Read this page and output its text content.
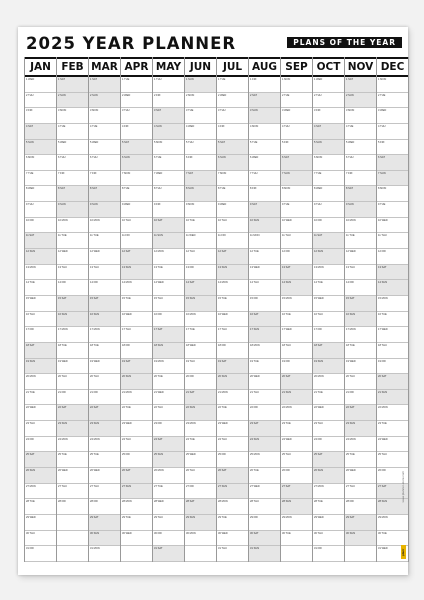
2025 YEAR PLANNER	PLANS OF THE YEAR
JAN
1 WED
2 THU
3 FRI
4 SAT
5 SUN
6 MON
7 TUE
8 WED
9 THU
10 FRI
11 SAT
12 SUN
13 MON
14 TUE
15 WED
16 THU
17 FRI
18 SAT
19 SUN
20 MON
21 TUE
22 WED
23 THU
24 FRI
25 SAT
26 SUN
27 MON
28 TUE
29 WED
30 THU
31 FRI
FEB
1 SAT
2 SUN
3 MON
4 TUE
5 WED
6 THU
7 FRI
8 SAT
9 SUN
10 MON
11 TUE
12 WED
13 THU
14 FRI
15 SAT
16 SUN
17 MON
18 TUE
19 WED
20 THU
21 FRI
22 SAT
23 SUN
24 MON
25 TUE
26 WED
27 THU
28 FRI
MAR
1 SAT
2 SUN
3 MON
4 TUE
5 WED
6 THU
7 FRI
8 SAT
9 SUN
10 MON
11 TUE
12 WED
13 THU
14 FRI
15 SAT
16 SUN
17 MON
18 TUE
19 WED
20 THU
21 FRI
22 SAT
23 SUN
24 MON
25 TUE
26 WED
27 THU
28 FRI
29 SAT
30 SUN
31 MON
APR
1 TUE
2 WED
3 THU
4 FRI
5 SAT
6 SUN
7 MON
8 TUE
9 WED
10 THU
11 FRI
12 SAT
13 SUN
14 MON
15 TUE
16 WED
17 THU
18 FRI
19 SAT
20 SUN
21 MON
22 TUE
23 WED
24 THU
25 FRI
26 SAT
27 SUN
28 MON
29 TUE
30 WED
MAY
1 THU
2 FRI
3 SAT
4 SUN
5 MON
6 TUE
7 WED
8 THU
9 FRI
10 SAT
11 SUN
12 MON
13 TUE
14 WED
15 THU
16 FRI
17 SAT
18 SUN
19 MON
20 TUE
21 WED
22 THU
23 FRI
24 SAT
25 SUN
26 MON
27 TUE
28 WED
29 THU
30 FRI
31 SAT
JUN
1 SUN
2 MON
3 TUE
4 WED
5 THU
6 FRI
7 SAT
8 SUN
9 MON
10 TUE
11 WED
12 THU
13 FRI
14 SAT
15 SUN
16 MON
17 TUE
18 WED
19 THU
20 FRI
21 SAT
22 SUN
23 MON
24 TUE
25 WED
26 THU
27 FRI
28 SAT
29 SUN
30 MON
JUL
1 TUE
2 WED
3 THU
4 FRI
5 SAT
6 SUN
7 MON
8 TUE
9 WED
10 THU
11 FRI
12 SAT
13 SUN
14 MON
15 TUE
16 WED
17 THU
18 FRI
19 SAT
20 SUN
21 MON
22 TUE
23 WED
24 THU
25 FRI
26 SAT
27 SUN
28 MON
29 TUE
30 WED
31 THU
AUG
1 FRI
2 SAT
3 SUN
4 MON
5 TUE
6 WED
7 THU
8 FRI
9 SAT
10 SUN
11 MON
12 TUE
13 WED
14 THU
15 FRI
16 SAT
17 SUN
18 MON
19 TUE
20 WED
21 THU
22 FRI
23 SAT
24 SUN
25 MON
26 TUE
27 WED
28 THU
29 FRI
30 SAT
31 SUN
SEP
1 MON
2 TUE
3 WED
4 THU
5 FRI
6 SAT
7 SUN
8 MON
9 TUE
10 WED
11 THU
12 FRI
13 SAT
14 SUN
15 MON
16 TUE
17 WED
18 THU
19 FRI
20 SAT
21 SUN
22 MON
23 TUE
24 WED
25 THU
26 FRI
27 SAT
28 SUN
29 MON
30 TUE
OCT
1 WED
2 THU
3 FRI
4 SAT
5 SUN
6 MON
7 TUE
8 WED
9 THU
10 FRI
11 SAT
12 SUN
13 MON
14 TUE
15 WED
16 THU
17 FRI
18 SAT
19 SUN
20 MON
21 TUE
22 WED
23 THU
24 FRI
25 SAT
26 SUN
27 MON
28 TUE
29 WED
30 THU
31 FRI
NOV
1 SAT
2 SUN
3 MON
4 TUE
5 WED
6 THU
7 FRI
8 SAT
9 SUN
10 MON
11 TUE
12 WED
13 THU
14 FRI
15 SAT
16 SUN
17 MON
18 TUE
19 WED
20 THU
21 FRI
22 SAT
23 SUN
24 MON
25 TUE
26 WED
27 THU
28 FRI
29 SAT
30 SUN
DEC
1 MON
2 TUE
3 WED
4 THU
5 FRI
6 SAT
7 SUN
8 MON
9 TUE
10 WED
11 THU
12 FRI
13 SAT
14 SUN
15 MON
16 TUE
17 WED
18 THU
19 FRI
20 SAT
21 SUN
22 MON
23 TUE
24 WED
25 THU
26 FRI
27 SAT
28 SUN
29 MON
30 TUE
31 WED
www.planner-store.com
planr
